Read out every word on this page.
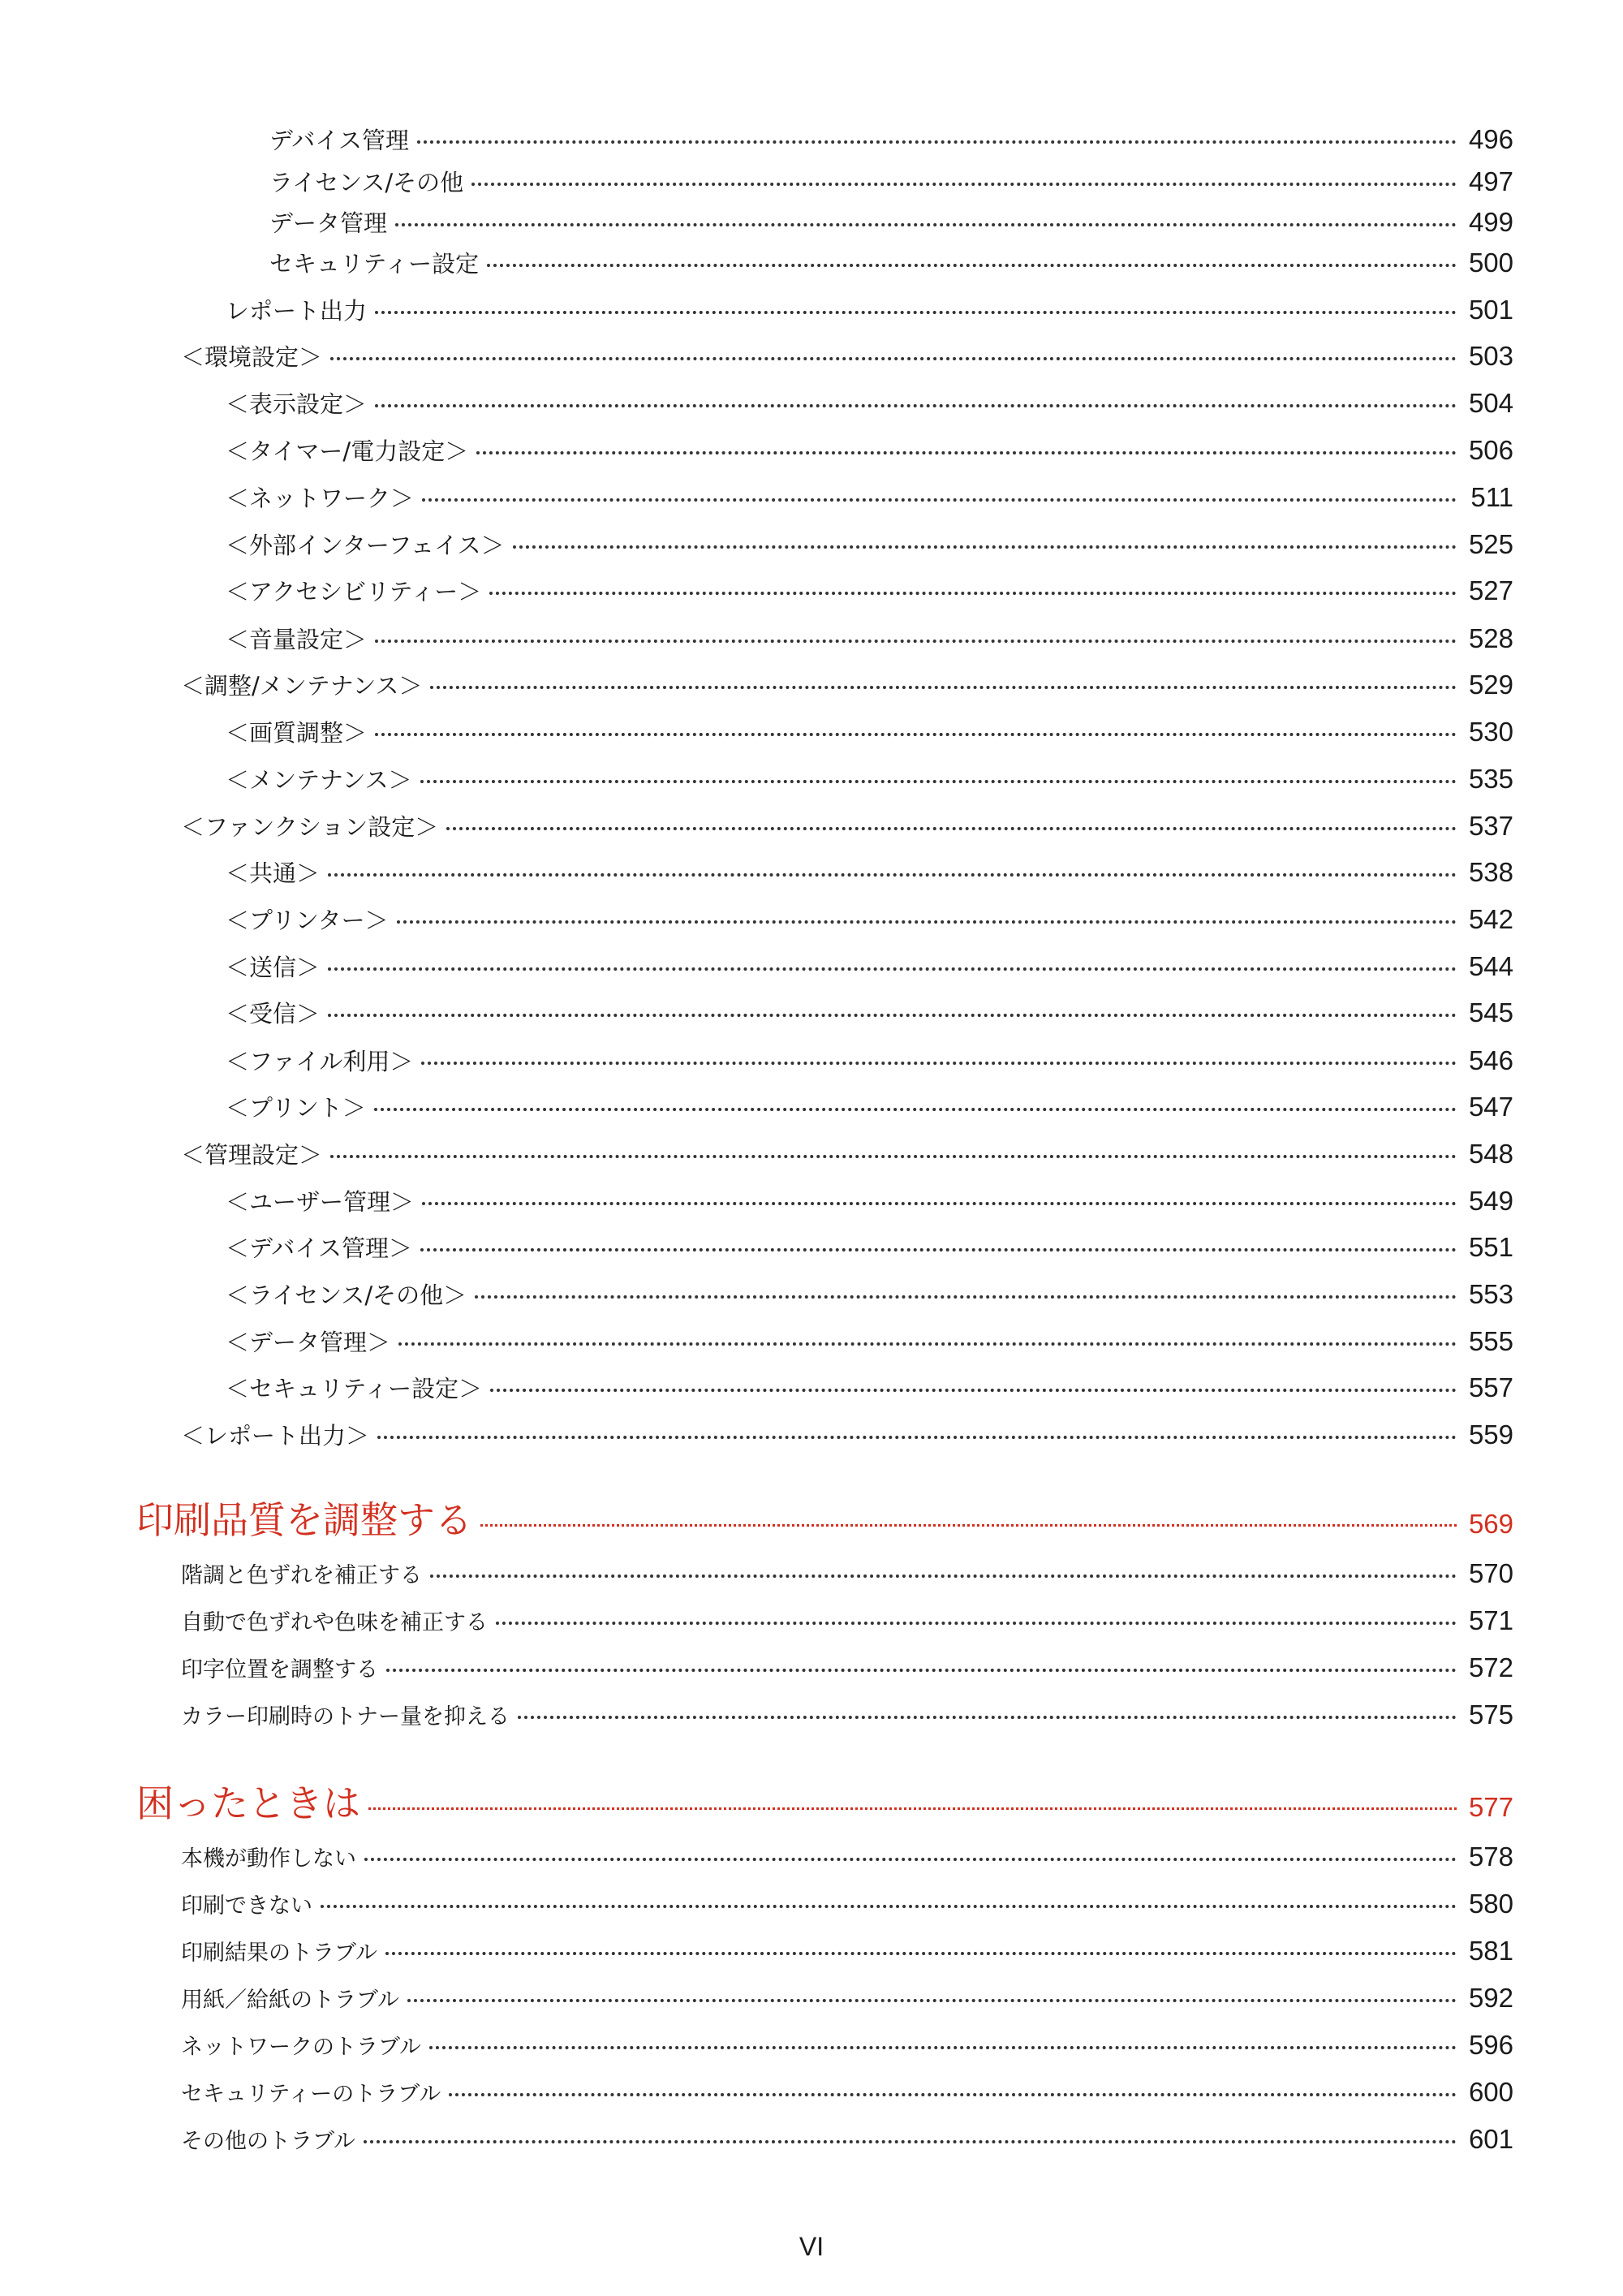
デバイス管理	496
ライセンス/その他	497
データ管理	499
セキュリティー設定	500
レポート出力	501
＜環境設定＞	503
＜表示設定＞	504
＜タイマー/電力設定＞	506
＜ネットワーク＞	511
＜外部インターフェイス＞	525
＜アクセシビリティー＞	527
＜音量設定＞	528
＜調整/メンテナンス＞	529
＜画質調整＞	530
＜メンテナンス＞	535
＜ファンクション設定＞	537
＜共通＞	538
＜プリンター＞	542
＜送信＞	544
＜受信＞	545
＜ファイル利用＞	546
＜プリント＞	547
＜管理設定＞	548
＜ユーザー管理＞	549
＜デバイス管理＞	551
＜ライセンス/その他＞	553
＜データ管理＞	555
＜セキュリティー設定＞	557
＜レポート出力＞	559
印刷品質を調整する	569
階調と色ずれを補正する	570
自動で色ずれや色味を補正する	571
印字位置を調整する	572
カラー印刷時のトナー量を抑える	575
困ったときは	577
本機が動作しない	578
印刷できない	580
印刷結果のトラブル	581
用紙／給紙のトラブル	592
ネットワークのトラブル	596
セキュリティーのトラブル	600
その他のトラブル	601
VI
